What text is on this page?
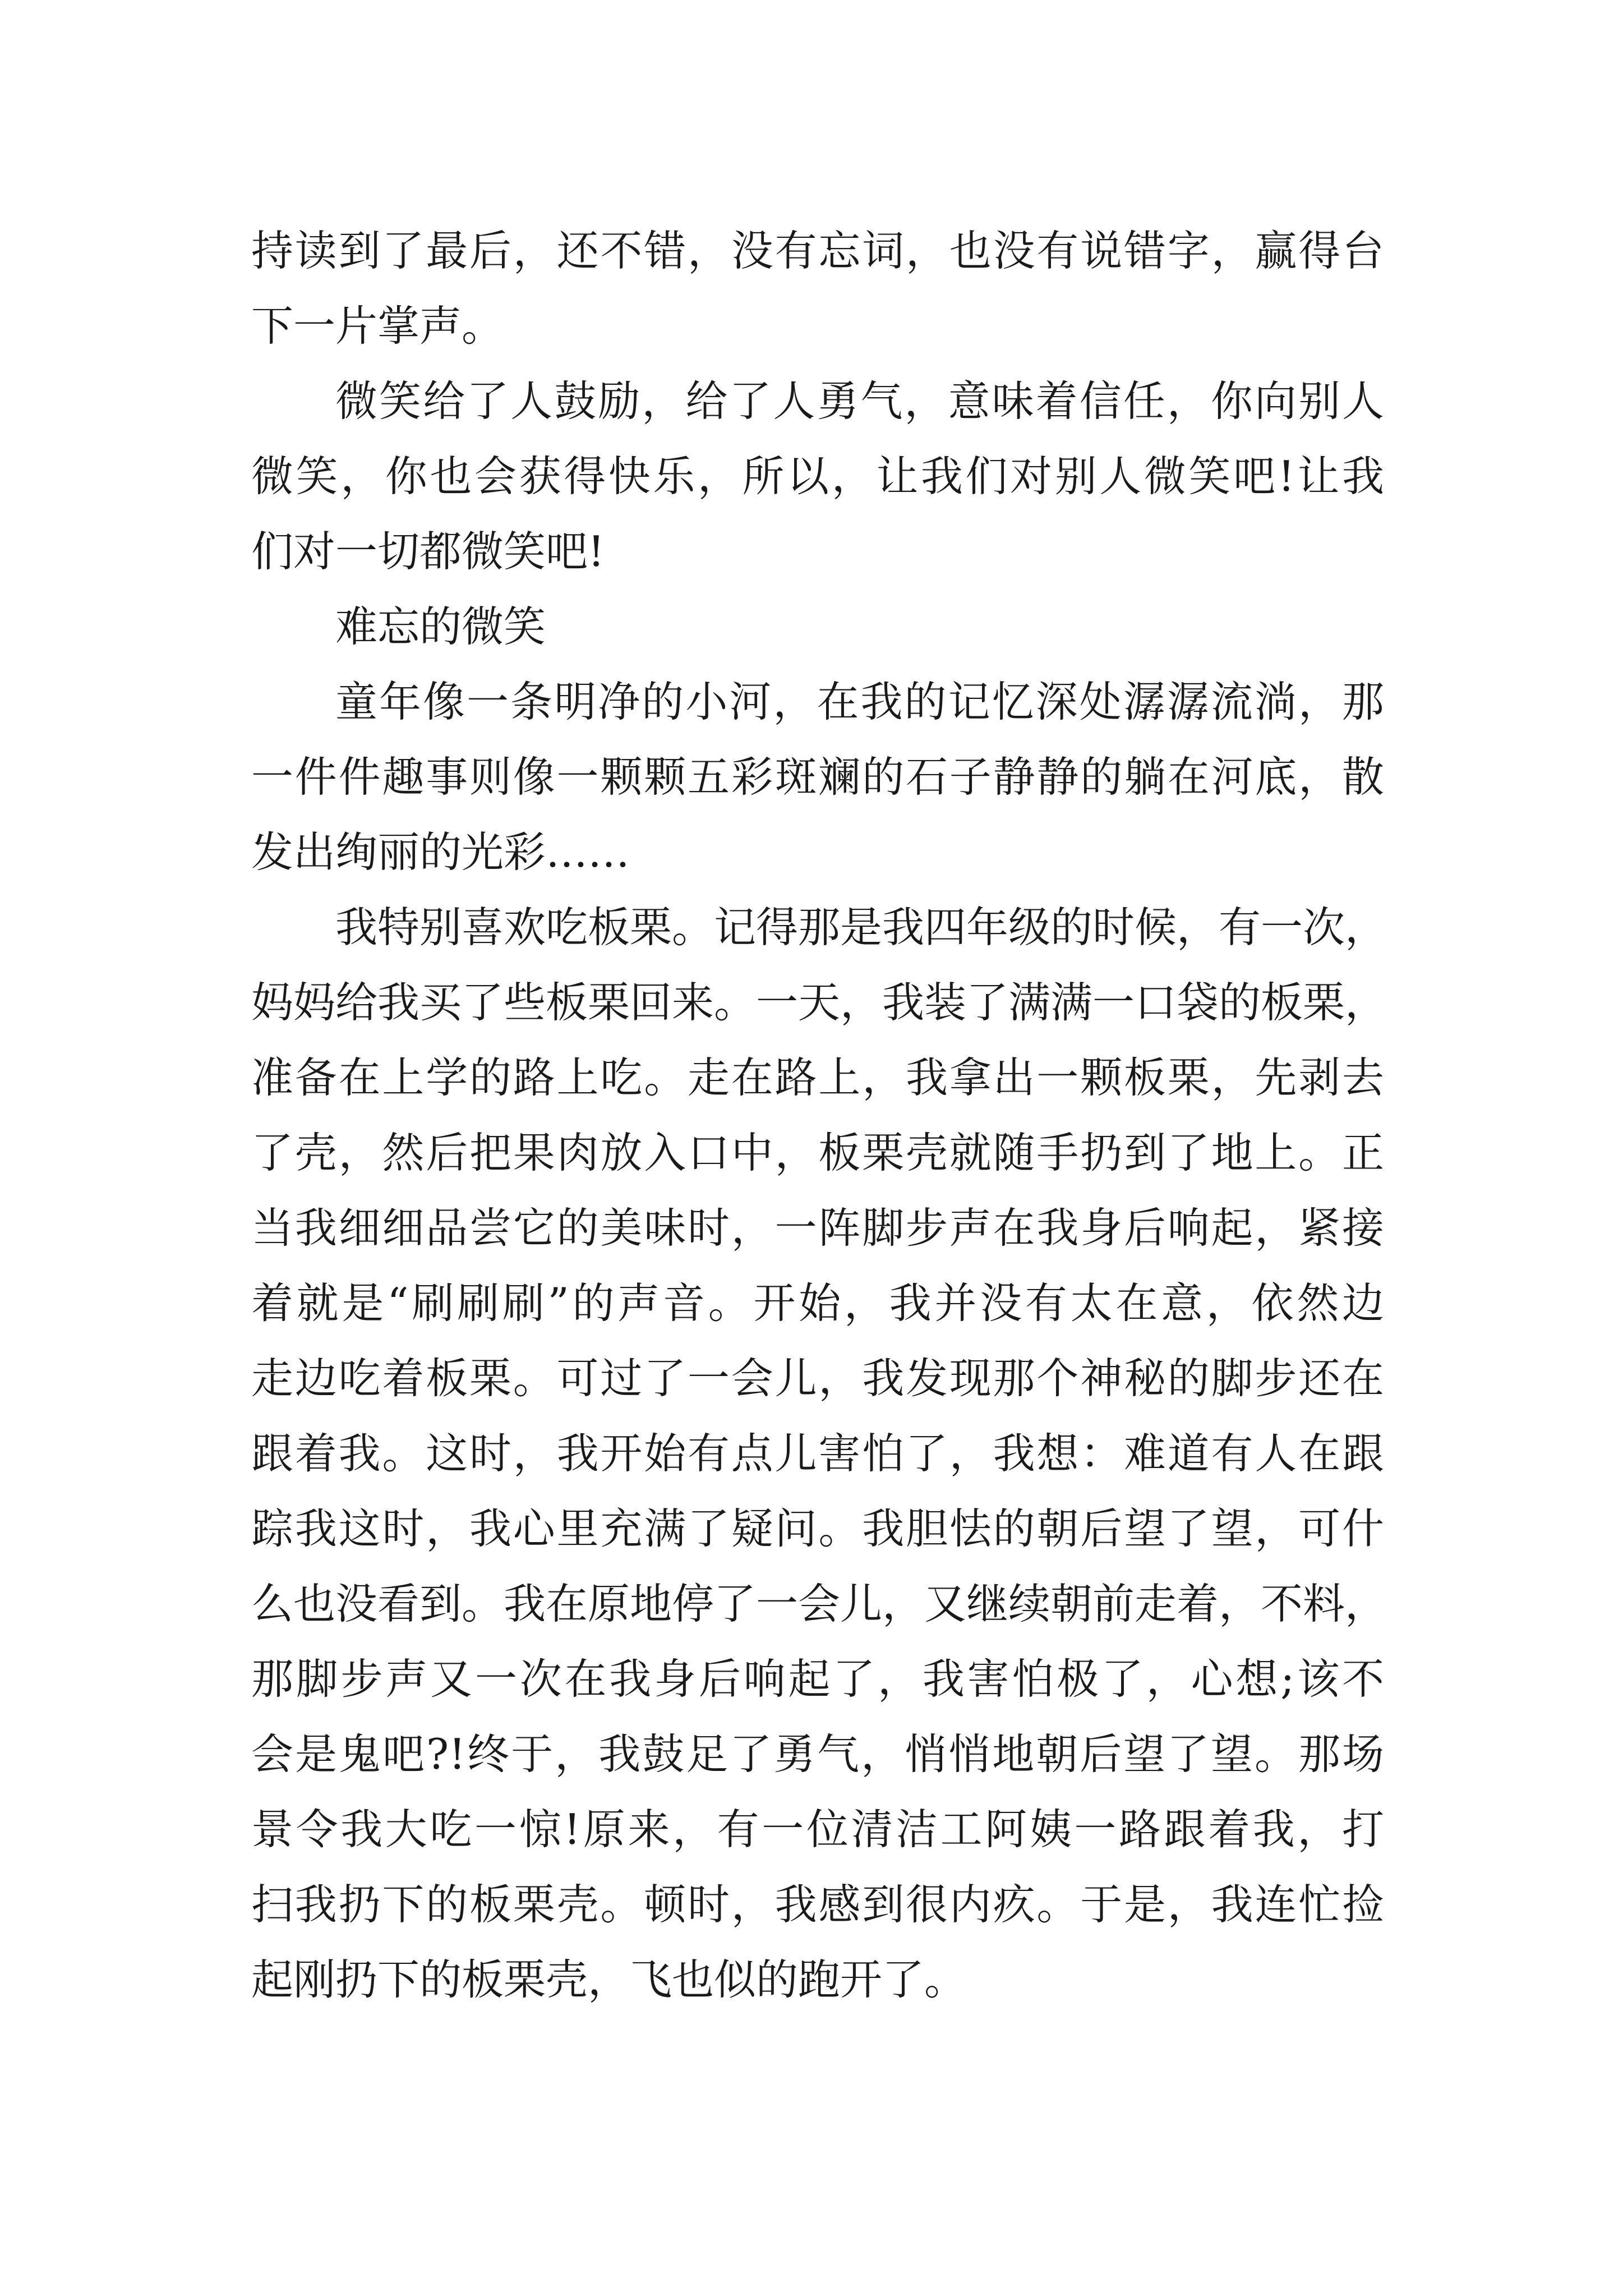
持读到了最后，还不错，没有忘词，也没有说错字，赢得台
下一片掌声。
微笑给了人鼓励，给了人勇气，意味着信任，你向别人
微笑，你也会获得快乐，所以，让我们对别人微笑吧!让我
们对一切都微笑吧!
难忘的微笑
童年像一条明净的小河，在我的记忆深处潺潺流淌，那
一件件趣事则像一颗颗五彩斑斓的石子静静的躺在河底，散
发出绚丽的光彩……
我特别喜欢吃板栗。记得那是我四年级的时候，有一次，
妈妈给我买了些板栗回来。一天，我装了满满一口袋的板栗，
准备在上学的路上吃。走在路上，我拿出一颗板栗，先剥去
了壳，然后把果肉放入口中，板栗壳就随手扔到了地上。正
当我细细品尝它的美味时，一阵脚步声在我身后响起，紧接
着就是“刷刷刷”的声音。开始，我并没有太在意，依然边
走边吃着板栗。可过了一会儿，我发现那个神秘的脚步还在
跟着我。这时，我开始有点儿害怕了，我想：难道有人在跟
踪我这时，我心里充满了疑问。我胆怯的朝后望了望，可什
么也没看到。我在原地停了一会儿，又继续朝前走着，不料，
那脚步声又一次在我身后响起了，我害怕极了，心想;该不
会是鬼吧?!终于，我鼓足了勇气，悄悄地朝后望了望。那场
景令我大吃一惊!原来，有一位清洁工阿姨一路跟着我，打
扫我扔下的板栗壳。顿时，我感到很内疚。于是，我连忙捡
起刚扔下的板栗壳，飞也似的跑开了。
